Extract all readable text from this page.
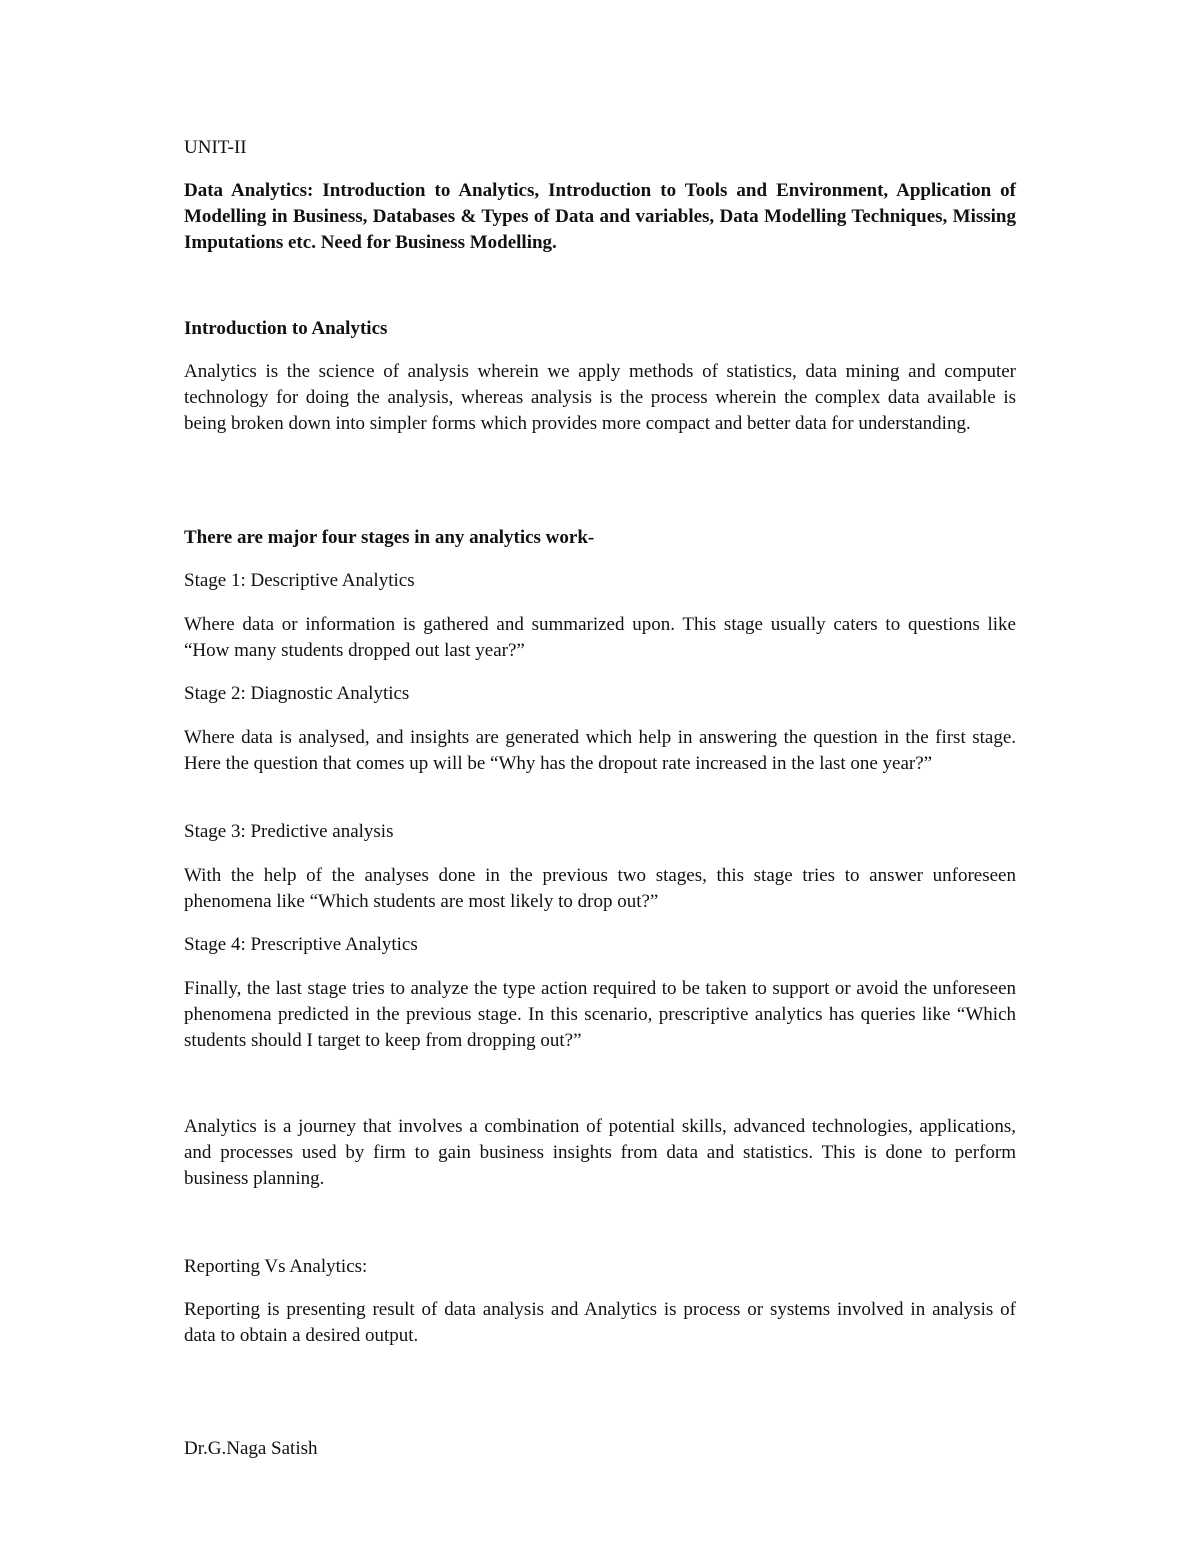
UNIT-II

Data Analytics: Introduction to Analytics, Introduction to Tools and Environment, Application of Modelling in Business, Databases & Types of Data and variables, Data Modelling Techniques, Missing Imputations etc. Need for Business Modelling.

Introduction to Analytics

Analytics is the science of analysis wherein we apply methods of statistics, data mining and computer technology for doing the analysis, whereas analysis is the process wherein the complex data available is being broken down into simpler forms which provides more compact and better data for understanding.

There are major four stages in any analytics work-

Stage 1: Descriptive Analytics

Where data or information is gathered and summarized upon. This stage usually caters to questions like “How many students dropped out last year?”

Stage 2: Diagnostic Analytics

Where data is analysed, and insights are generated which help in answering the question in the first stage. Here the question that comes up will be “Why has the dropout rate increased in the last one year?”

Stage 3: Predictive analysis

With the help of the analyses done in the previous two stages, this stage tries to answer unforeseen phenomena like “Which students are most likely to drop out?”

Stage 4: Prescriptive Analytics

Finally, the last stage tries to analyze the type action required to be taken to support or avoid the unforeseen phenomena predicted in the previous stage. In this scenario, prescriptive analytics has queries like “Which students should I target to keep from dropping out?”

Analytics is a journey that involves a combination of potential skills, advanced technologies, applications, and processes used by firm to gain business insights from data and statistics. This is done to perform business planning.

Reporting Vs Analytics:

Reporting is presenting result of data analysis and Analytics is process or systems involved in analysis of data to obtain a desired output.

Dr.G.Naga Satish
